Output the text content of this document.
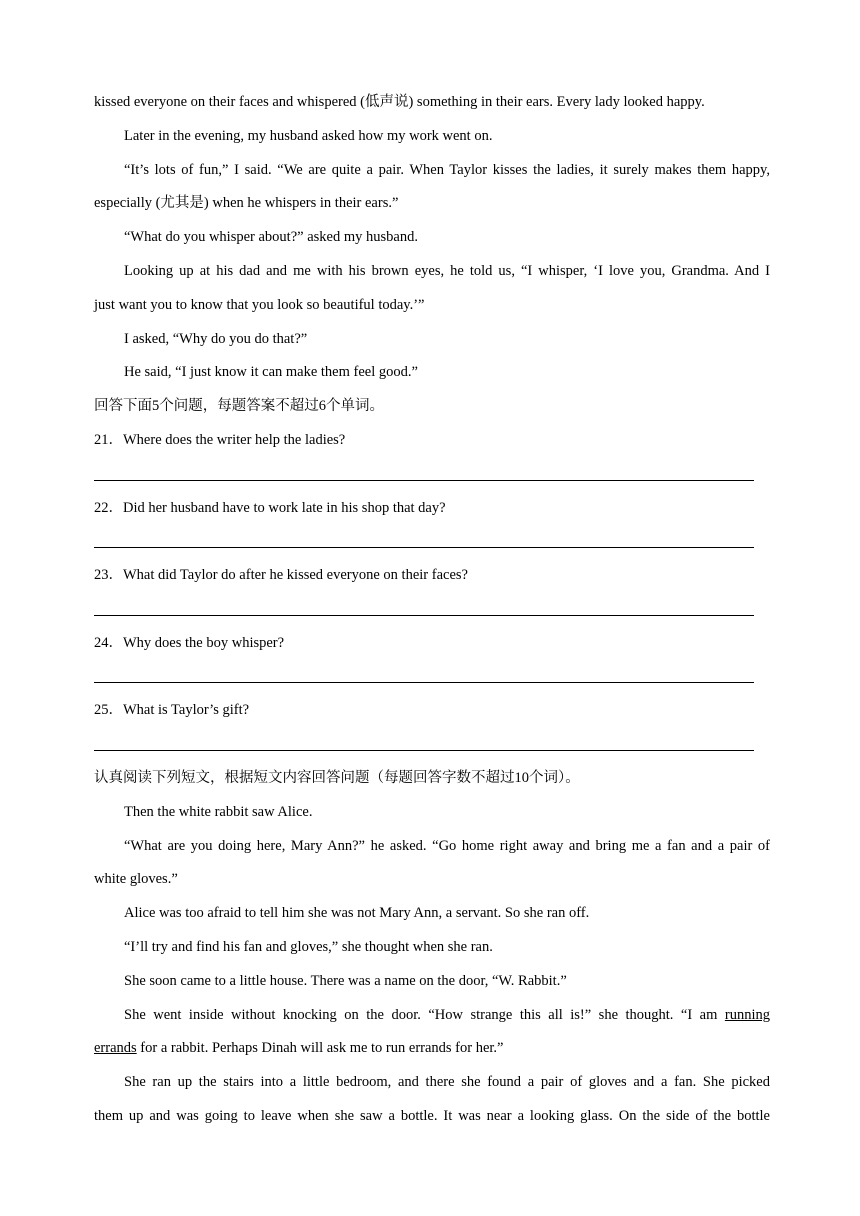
kissed everyone on their faces and whispered (低声说) something in their ears. Every lady looked happy.
Later in the evening, my husband asked how my work went on.
“It’s lots of fun,” I said. “We are quite a pair. When Taylor kisses the ladies, it surely makes them happy,
especially (尤其是) when he whispers in their ears.”
“What do you whisper about?” asked my husband.
Looking up at his dad and me with his brown eyes, he told us, “I whisper, ‘I love you, Grandma. And I
just want you to know that you look so beautiful today.’”
I asked, “Why do you do that?”
He said, “I just know it can make them feel good.”
回答下面5个问题，每题答案不超过6个单词。
21．Where does the writer help the ladies?
22．Did her husband have to work late in his shop that day?
23．What did Taylor do after he kissed everyone on their faces?
24．Why does the boy whisper?
25．What is Taylor’s gift?
认真阅读下列短文，根据短文内容回答问题（每题回答字数不超过10个词）。
Then the white rabbit saw Alice.
“What are you doing here, Mary Ann?” he asked. “Go home right away and bring me a fan and a pair of
white gloves.”
Alice was too afraid to tell him she was not Mary Ann, a servant. So she ran off.
“I’ll try and find his fan and gloves,” she thought when she ran.
She soon came to a little house. There was a name on the door, “W. Rabbit.”
She went inside without knocking on the door. “How strange this all is!” she thought. “I am running
errands for a rabbit. Perhaps Dinah will ask me to run errands for her.”
She ran up the stairs into a little bedroom, and there she found a pair of gloves and a fan. She picked
them up and was going to leave when she saw a bottle. It was near a looking glass. On the side of the bottle
